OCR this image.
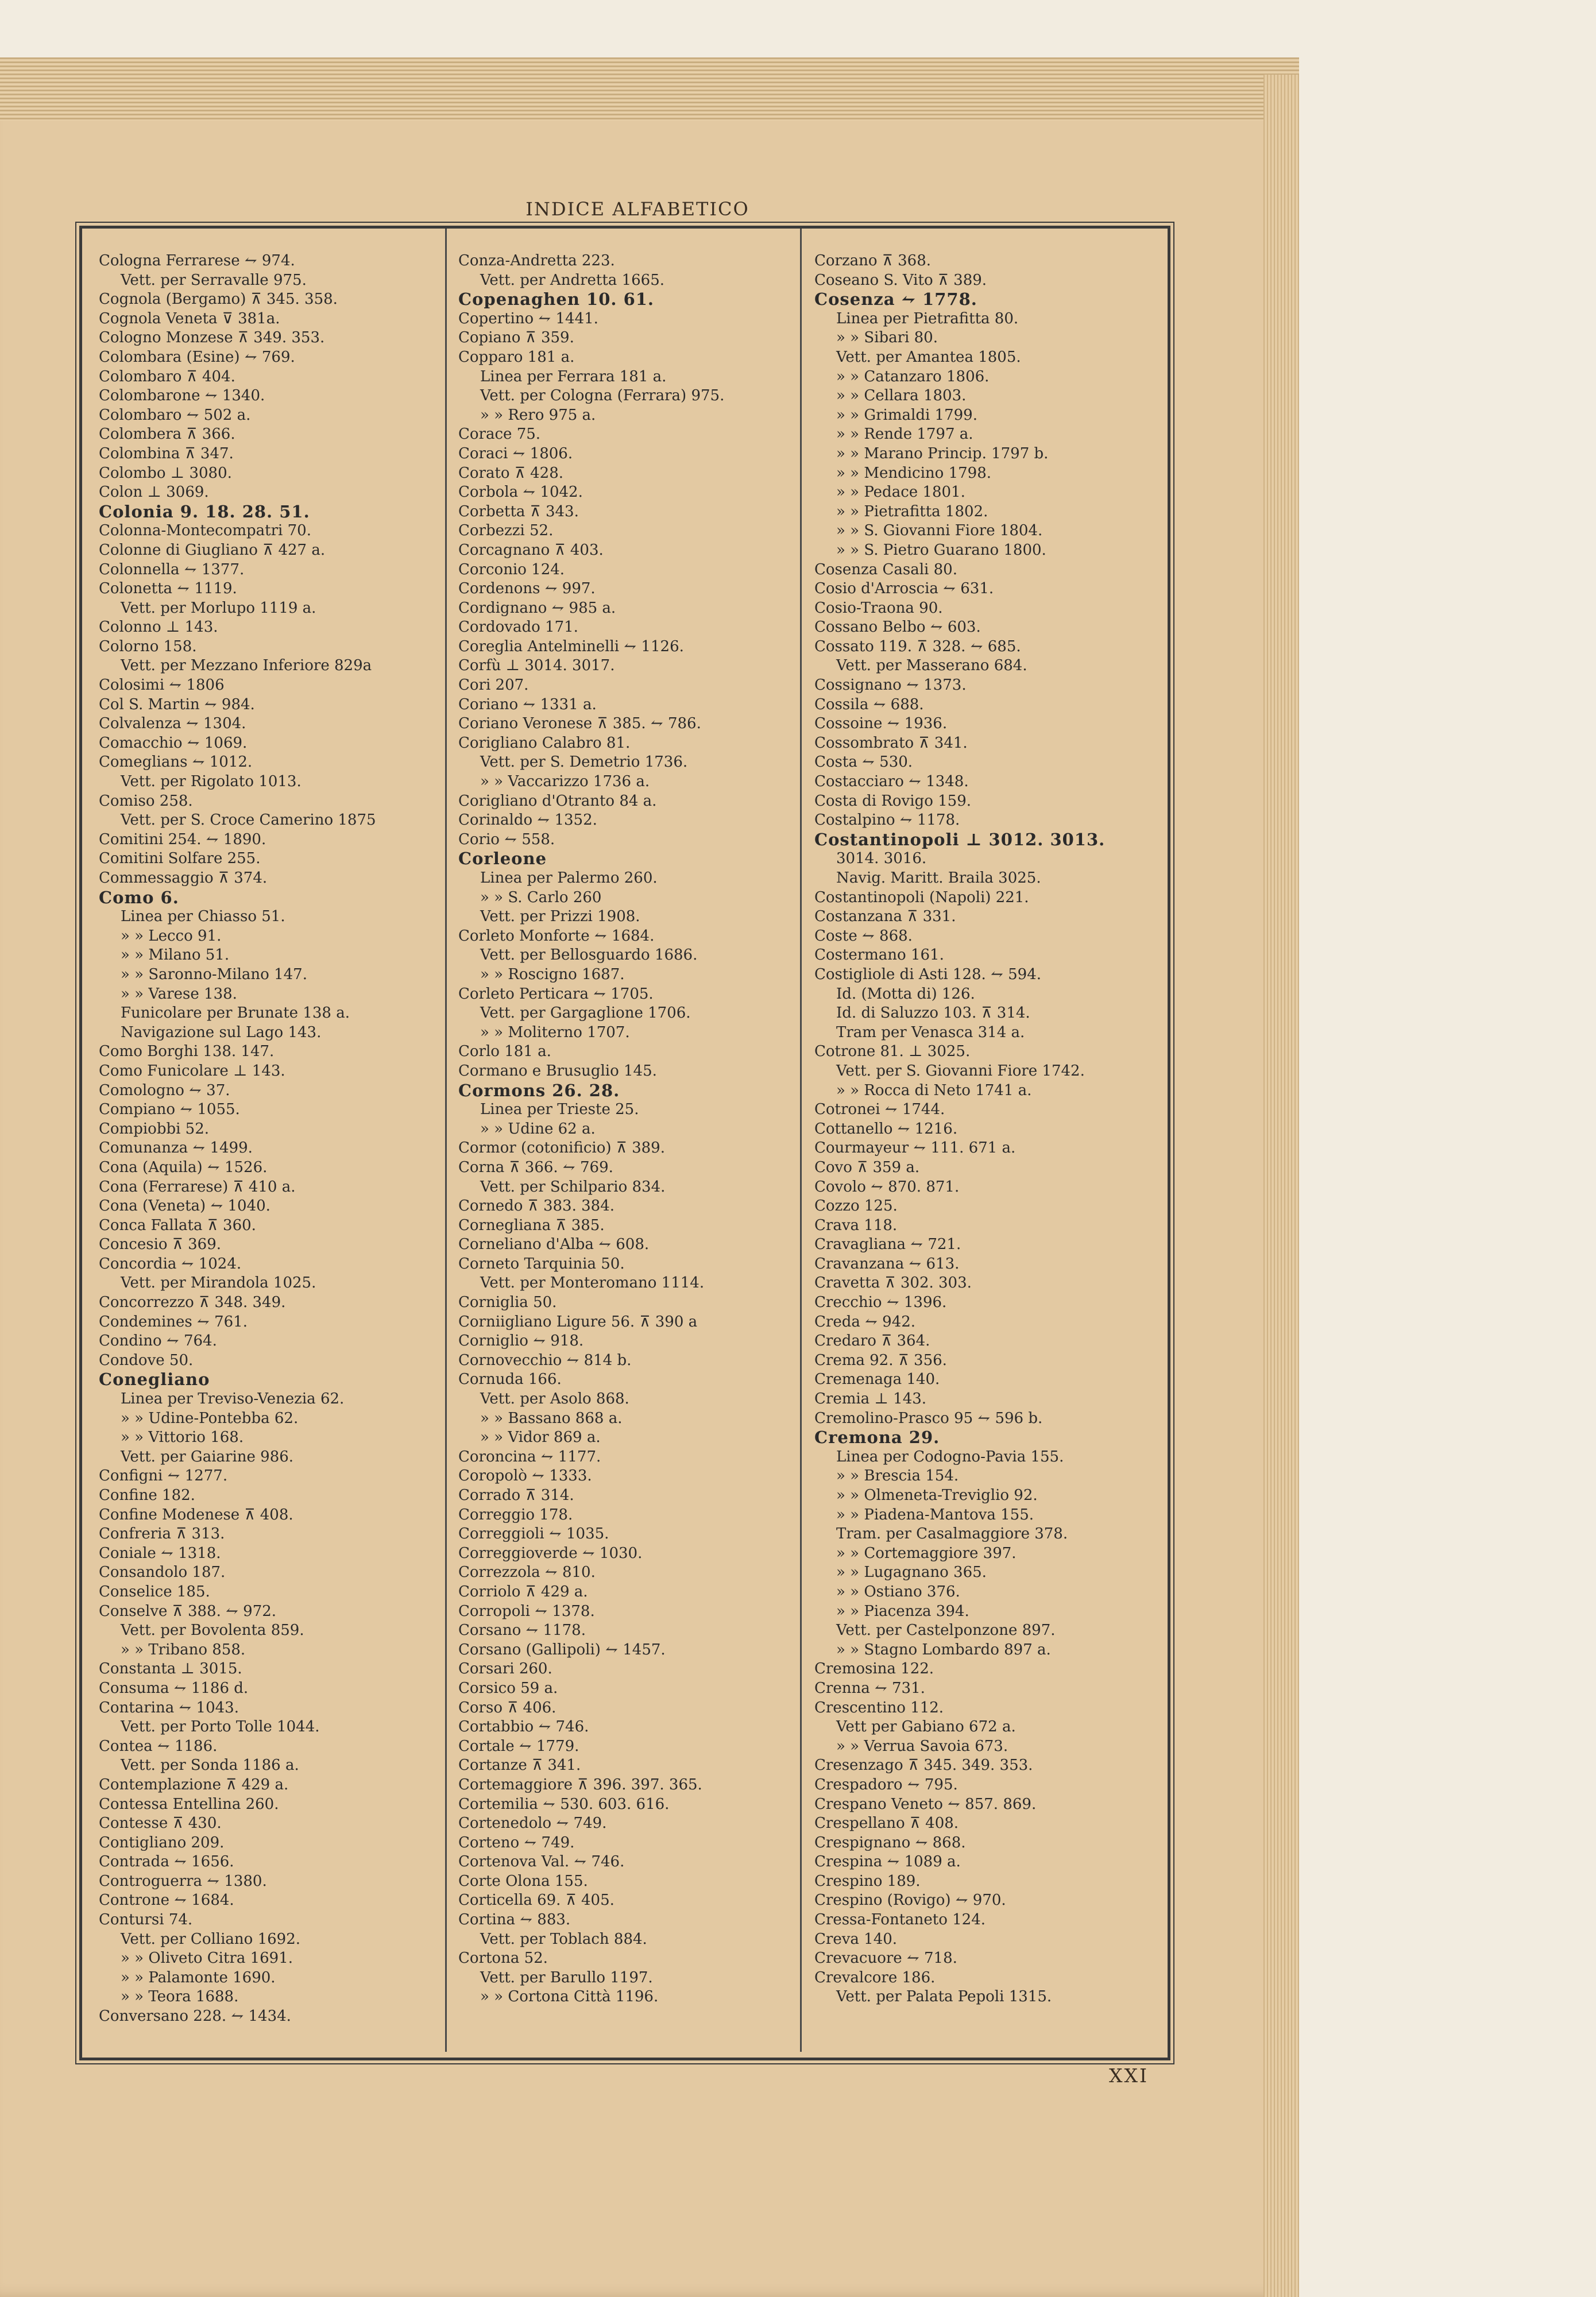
INDICE ALFABETICO
Cologna Ferrarese ⥊ 974.
Vett. per Serravalle 975.
Cognola (Bergamo) ⊼ 345. 358.
Cognola Veneta ⊽ 381a.
Cologno Monzese ⊼ 349. 353.
Colombara (Esine) ⥊ 769.
Colombaro ⊼ 404.
Colombarone ⥊ 1340.
Colombaro ⥊ 502 a.
Colombera ⊼ 366.
Colombina ⊼ 347.
Colombo ⊥ 3080.
Colon ⊥ 3069.
Colonia 9. 18. 28. 51.
Colonna-Montecompatri 70.
Colonne di Giugliano ⊼ 427 a.
Colonnella ⥊ 1377.
Colonetta ⥊ 1119.
Vett. per Morlupo 1119 a.
Colonno ⊥ 143.
Colorno 158.
Vett. per Mezzano Inferiore 829a
Colosimi ⥊ 1806
Col S. Martin ⥊ 984.
Colvalenza ⥊ 1304.
Comacchio ⥊ 1069.
Comeglians ⥊ 1012.
Vett. per Rigolato 1013.
Comiso 258.
Vett. per S. Croce Camerino 1875
Comitini 254. ⥊ 1890.
Comitini Solfare 255.
Commessaggio ⊼ 374.
Como 6.
Linea per Chiasso 51.
» » Lecco 91.
» » Milano 51.
» » Saronno-Milano 147.
» » Varese 138.
Funicolare per Brunate 138 a.
Navigazione sul Lago 143.
Como Borghi 138. 147.
Como Funicolare ⊥ 143.
Comologno ⥊ 37.
Compiano ⥊ 1055.
Compiobbi 52.
Comunanza ⥊ 1499.
Cona (Aquila) ⥊ 1526.
Cona (Ferrarese) ⊼ 410 a.
Cona (Veneta) ⥊ 1040.
Conca Fallata ⊼ 360.
Concesio ⊼ 369.
Concordia ⥊ 1024.
Vett. per Mirandola 1025.
Concorrezzo ⊼ 348. 349.
Condemines ⥊ 761.
Condino ⥊ 764.
Condove 50.
Conegliano
Linea per Treviso-Venezia 62.
» » Udine-Pontebba 62.
» » Vittorio 168.
Vett. per Gaiarine 986.
Configni ⥊ 1277.
Confine 182.
Confine Modenese ⊼ 408.
Confreria ⊼ 313.
Coniale ⥊ 1318.
Consandolo 187.
Conselice 185.
Conselve ⊼ 388. ⥊ 972.
Vett. per Bovolenta 859.
» » Tribano 858.
Constanta ⊥ 3015.
Consuma ⥊ 1186 d.
Contarina ⥊ 1043.
Vett. per Porto Tolle 1044.
Contea ⥊ 1186.
Vett. per Sonda 1186 a.
Contemplazione ⊼ 429 a.
Contessa Entellina 260.
Contesse ⊼ 430.
Contigliano 209.
Contrada ⥊ 1656.
Controguerra ⥊ 1380.
Controne ⥊ 1684.
Contursi 74.
Vett. per Colliano 1692.
» » Oliveto Citra 1691.
» » Palamonte 1690.
» » Teora 1688.
Conversano 228. ⥊ 1434.
Conza-Andretta 223.
Vett. per Andretta 1665.
Copenaghen 10. 61.
Copertino ⥊ 1441.
Copiano ⊼ 359.
Copparo 181 a.
Linea per Ferrara 181 a.
Vett. per Cologna (Ferrara) 975.
» » Rero 975 a.
Corace 75.
Coraci ⥊ 1806.
Corato ⊼ 428.
Corbola ⥊ 1042.
Corbetta ⊼ 343.
Corbezzi 52.
Corcagnano ⊼ 403.
Corconio 124.
Cordenons ⥊ 997.
Cordignano ⥊ 985 a.
Cordovado 171.
Coreglia Antelminelli ⥊ 1126.
Corfù ⊥ 3014. 3017.
Cori 207.
Coriano ⥊ 1331 a.
Coriano Veronese ⊼ 385. ⥊ 786.
Corigliano Calabro 81.
Vett. per S. Demetrio 1736.
» » Vaccarizzo 1736 a.
Corigliano d'Otranto 84 a.
Corinaldo ⥊ 1352.
Corio ⥊ 558.
Corleone
Linea per Palermo 260.
» » S. Carlo 260
Vett. per Prizzi 1908.
Corleto Monforte ⥊ 1684.
Vett. per Bellosguardo 1686.
» » Roscigno 1687.
Corleto Perticara ⥊ 1705.
Vett. per Gargaglione 1706.
» » Moliterno 1707.
Corlo 181 a.
Cormano e Brusuglio 145.
Cormons 26. 28.
Linea per Trieste 25.
» » Udine 62 a.
Cormor (cotonificio) ⊼ 389.
Corna ⊼ 366. ⥊ 769.
Vett. per Schilpario 834.
Cornedo ⊼ 383. 384.
Cornegliana ⊼ 385.
Corneliano d'Alba ⥊ 608.
Corneto Tarquinia 50.
Vett. per Monteromano 1114.
Corniglia 50.
Corniigliano Ligure 56. ⊼ 390 a
Corniglio ⥊ 918.
Cornovecchio ⥊ 814 b.
Cornuda 166.
Vett. per Asolo 868.
» » Bassano 868 a.
» » Vidor 869 a.
Coroncina ⥊ 1177.
Coropolò ⥊ 1333.
Corrado ⊼ 314.
Correggio 178.
Correggioli ⥊ 1035.
Correggioverde ⥊ 1030.
Correzzola ⥊ 810.
Corriolo ⊼ 429 a.
Corropoli ⥊ 1378.
Corsano ⥊ 1178.
Corsano (Gallipoli) ⥊ 1457.
Corsari 260.
Corsico 59 a.
Corso ⊼ 406.
Cortabbio ⥊ 746.
Cortale ⥊ 1779.
Cortanze ⊼ 341.
Cortemaggiore ⊼ 396. 397. 365.
Cortemilia ⥊ 530. 603. 616.
Cortenedolo ⥊ 749.
Corteno ⥊ 749.
Cortenova Val. ⥊ 746.
Corte Olona 155.
Corticella 69. ⊼ 405.
Cortina ⥊ 883.
Vett. per Toblach 884.
Cortona 52.
Vett. per Barullo 1197.
» » Cortona Città 1196.
Corzano ⊼ 368.
Coseano S. Vito ⊼ 389.
Cosenza ⥊ 1778.
Linea per Pietrafitta 80.
» » Sibari 80.
Vett. per Amantea 1805.
» » Catanzaro 1806.
» » Cellara 1803.
» » Grimaldi 1799.
» » Rende 1797 a.
» » Marano Princip. 1797 b.
» » Mendicino 1798.
» » Pedace 1801.
» » Pietrafitta 1802.
» » S. Giovanni Fiore 1804.
» » S. Pietro Guarano 1800.
Cosenza Casali 80.
Cosio d'Arroscia ⥊ 631.
Cosio-Traona 90.
Cossano Belbo ⥊ 603.
Cossato 119. ⊼ 328. ⥊ 685.
Vett. per Masserano 684.
Cossignano ⥊ 1373.
Cossila ⥊ 688.
Cossoine ⥊ 1936.
Cossombrato ⊼ 341.
Costa ⥊ 530.
Costacciaro ⥊ 1348.
Costa di Rovigo 159.
Costalpino ⥊ 1178.
Costantinopoli ⊥ 3012. 3013.
3014. 3016.
Navig. Maritt. Braila 3025.
Costantinopoli (Napoli) 221.
Costanzana ⊼ 331.
Coste ⥊ 868.
Costermano 161.
Costigliole di Asti 128. ⥊ 594.
Id. (Motta di) 126.
Id. di Saluzzo 103. ⊼ 314.
Tram per Venasca 314 a.
Cotrone 81. ⊥ 3025.
Vett. per S. Giovanni Fiore 1742.
» » Rocca di Neto 1741 a.
Cotronei ⥊ 1744.
Cottanello ⥊ 1216.
Courmayeur ⥊ 111. 671 a.
Covo ⊼ 359 a.
Covolo ⥊ 870. 871.
Cozzo 125.
Crava 118.
Cravagliana ⥊ 721.
Cravanzana ⥊ 613.
Cravetta ⊼ 302. 303.
Crecchio ⥊ 1396.
Creda ⥊ 942.
Credaro ⊼ 364.
Crema 92. ⊼ 356.
Cremenaga 140.
Cremia ⊥ 143.
Cremolino-Prasco 95 ⥊ 596 b.
Cremona 29.
Linea per Codogno-Pavia 155.
» » Brescia 154.
» » Olmeneta-Treviglio 92.
» » Piadena-Mantova 155.
Tram. per Casalmaggiore 378.
» » Cortemaggiore 397.
» » Lugagnano 365.
» » Ostiano 376.
» » Piacenza 394.
Vett. per Castelponzone 897.
» » Stagno Lombardo 897 a.
Cremosina 122.
Crenna ⥊ 731.
Crescentino 112.
Vett per Gabiano 672 a.
» » Verrua Savoia 673.
Cresenzago ⊼ 345. 349. 353.
Crespadoro ⥊ 795.
Crespano Veneto ⥊ 857. 869.
Crespellano ⊼ 408.
Crespignano ⥊ 868.
Crespina ⥊ 1089 a.
Crespino 189.
Crespino (Rovigo) ⥊ 970.
Cressa-Fontaneto 124.
Creva 140.
Crevacuore ⥊ 718.
Crevalcore 186.
Vett. per Palata Pepoli 1315.
XXI
